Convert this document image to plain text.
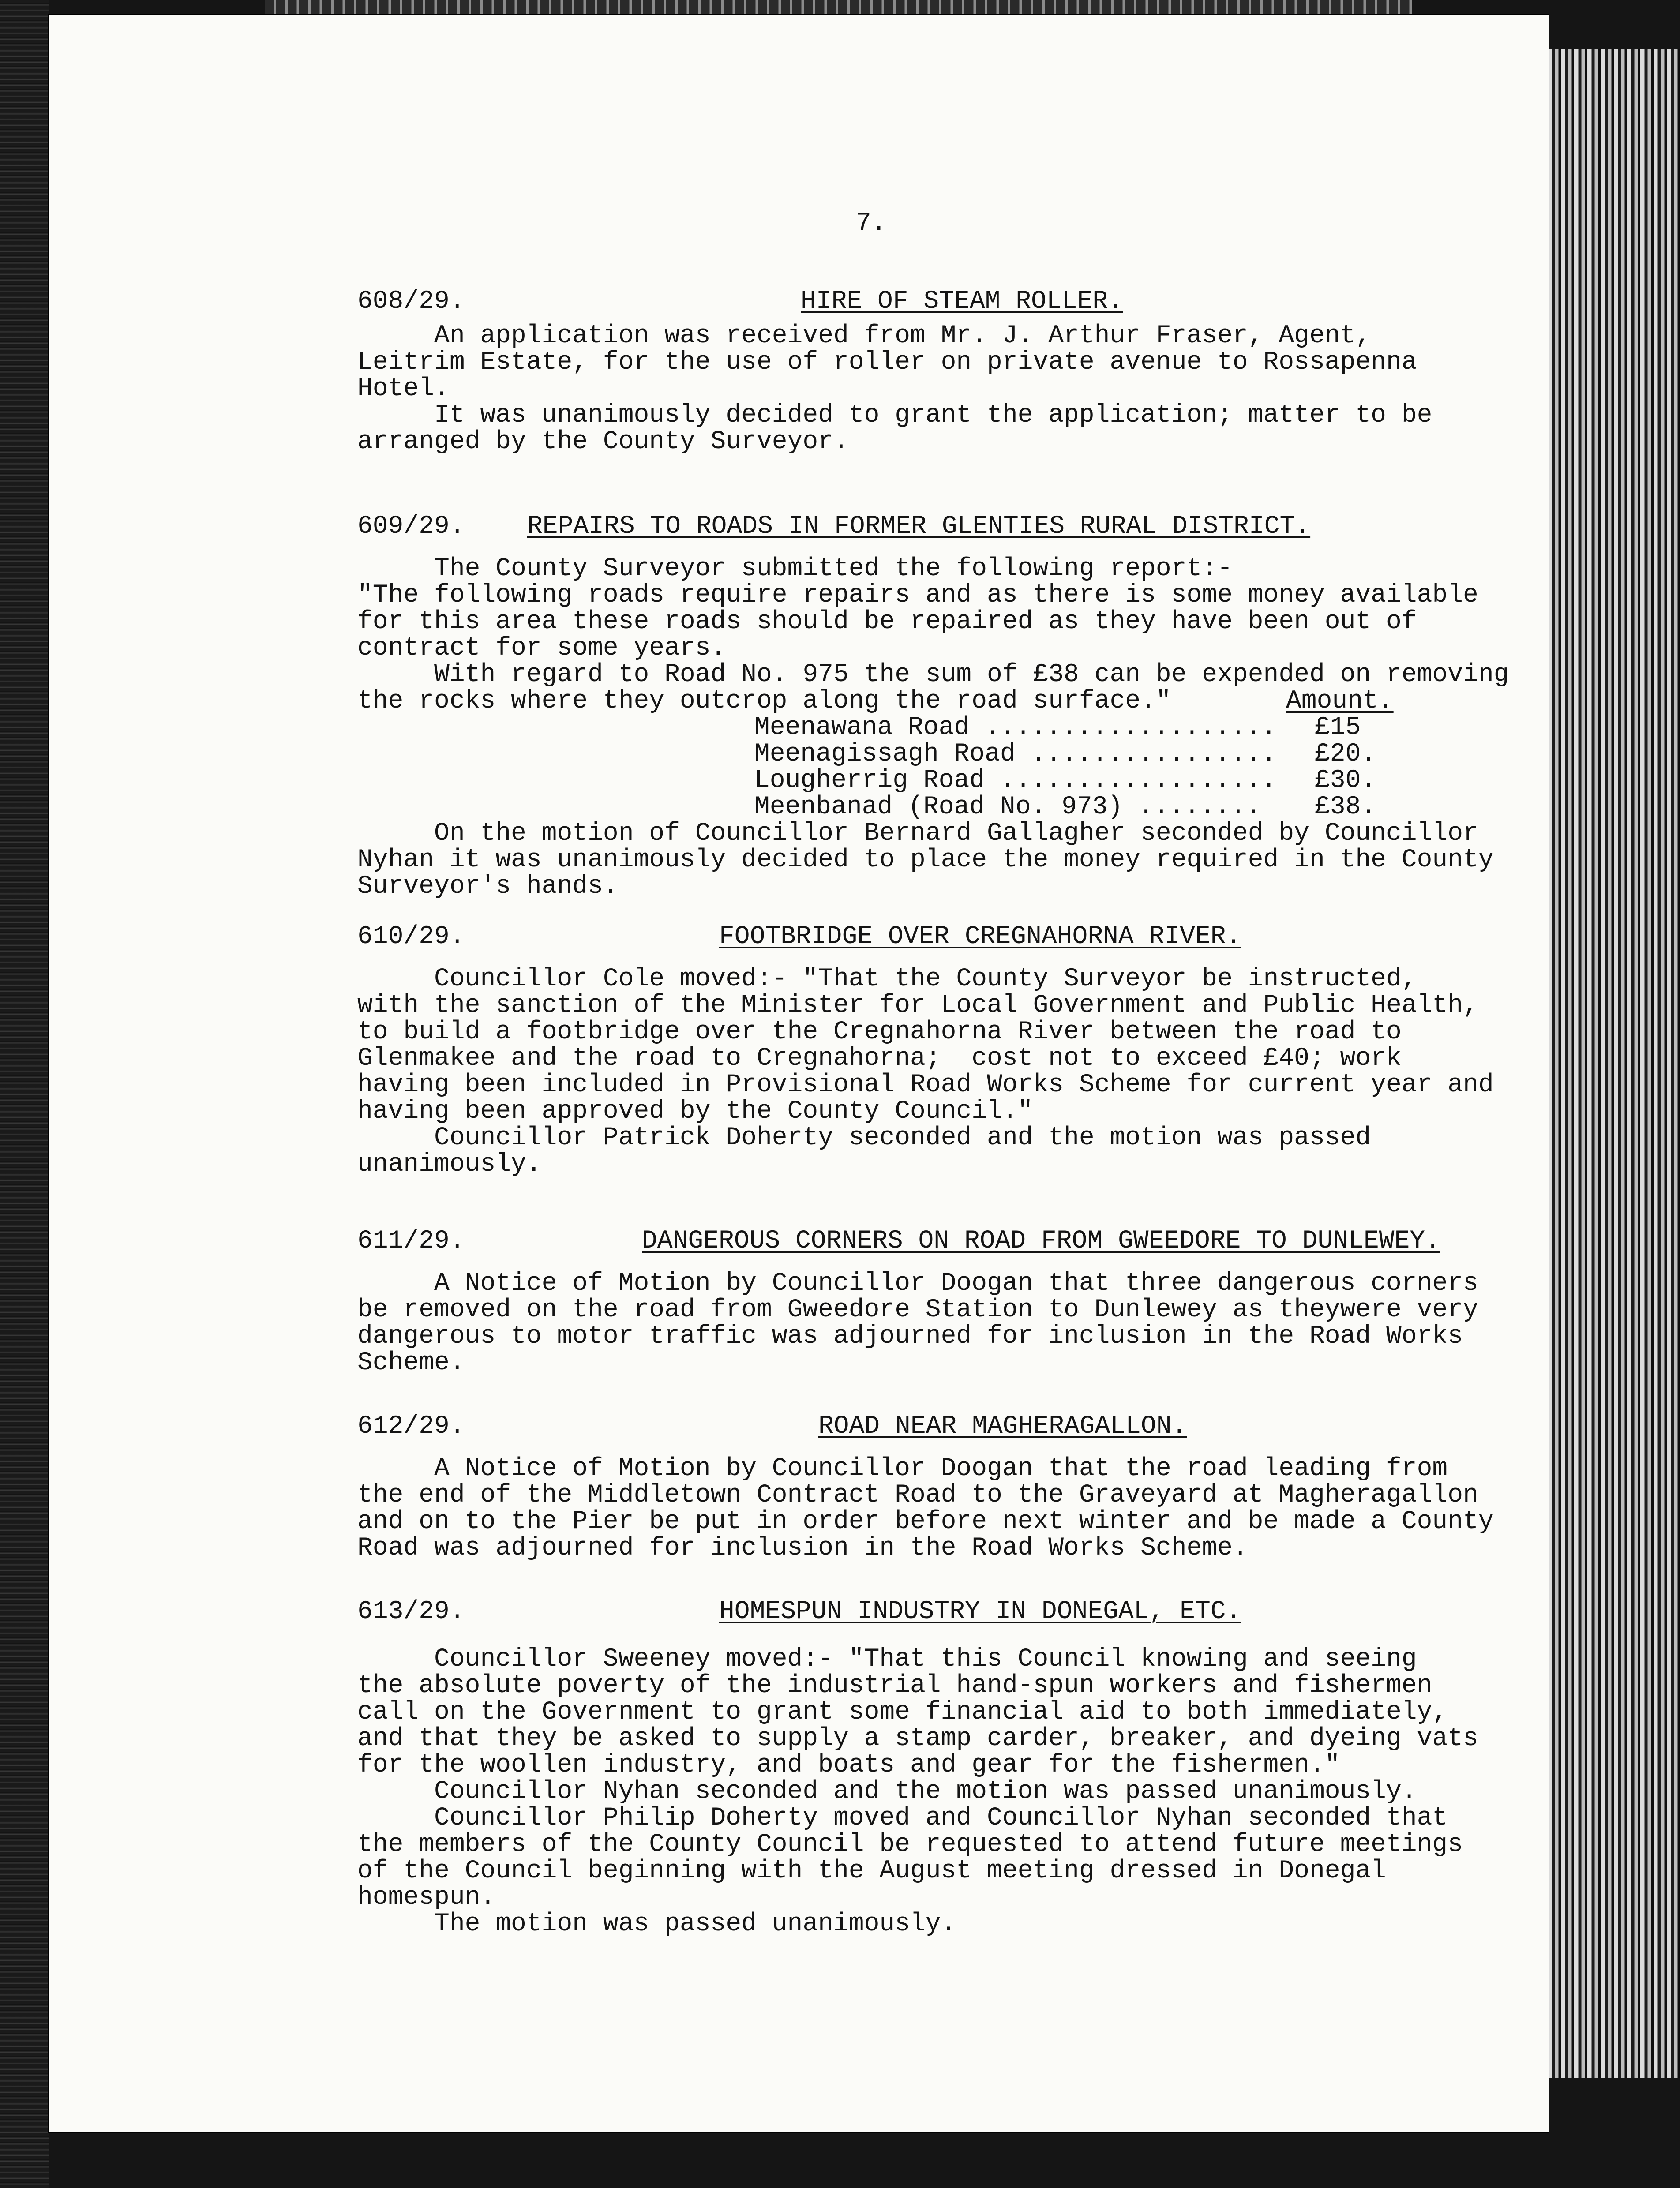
7.
608/29.	HIRE OF STEAM ROLLER.
An application was received from Mr. J. Arthur Fraser, Agent,
Leitrim Estate, for the use of roller on private avenue to Rossapenna
Hotel.
It was unanimously decided to grant the application; matter to be
arranged by the County Surveyor.
609/29. REPAIRS TO ROADS IN FORMER GLENTIES RURAL DISTRICT.
The County Surveyor submitted the following report:-
"The following roads require repairs and as there is some money available
for this area these roads should be repaired as they have been out of
contract for some years.
With regard to Road No. 975 the sum of £38 can be expended on removing
the rocks where they outcrop along the road surface."	Amount.
Meenawana Road ................... £15
Meenagissagh Road ................ £20.
Lougherrig Road .................. £30.
Meenbanad (Road No. 973) ........ £38.
On the motion of Councillor Bernard Gallagher seconded by Councillor
Nyhan it was unanimously decided to place the money required in the County
Surveyor's hands.
610/29.	FOOTBRIDGE OVER CREGNAHORNA RIVER.
Councillor Cole moved:- "That the County Surveyor be instructed,
with the sanction of the Minister for Local Government and Public Health,
to build a footbridge over the Cregnahorna River between the road to
Glenmakee and the road to Cregnahorna;  cost not to exceed £40; work
having been included in Provisional Road Works Scheme for current year and
having been approved by the County Council."
Councillor Patrick Doherty seconded and the motion was passed
unanimously.
611/29.	DANGEROUS CORNERS ON ROAD FROM GWEEDORE TO DUNLEWEY.
A Notice of Motion by Councillor Doogan that three dangerous corners
be removed on the road from Gweedore Station to Dunlewey as theywere very
dangerous to motor traffic was adjourned for inclusion in the Road Works
Scheme.
612/29.	ROAD NEAR MAGHERAGALLON.
A Notice of Motion by Councillor Doogan that the road leading from
the end of the Middletown Contract Road to the Graveyard at Magheragallon
and on to the Pier be put in order before next winter and be made a County
Road was adjourned for inclusion in the Road Works Scheme.
613/29.	HOMESPUN INDUSTRY IN DONEGAL, ETC.
Councillor Sweeney moved:- "That this Council knowing and seeing
the absolute poverty of the industrial hand-spun workers and fishermen
call on the Government to grant some financial aid to both immediately,
and that they be asked to supply a stamp carder, breaker, and dyeing vats
for the woollen industry, and boats and gear for the fishermen."
Councillor Nyhan seconded and the motion was passed unanimously.
Councillor Philip Doherty moved and Councillor Nyhan seconded that
the members of the County Council be requested to attend future meetings
of the Council beginning with the August meeting dressed in Donegal
homespun.
The motion was passed unanimously.
